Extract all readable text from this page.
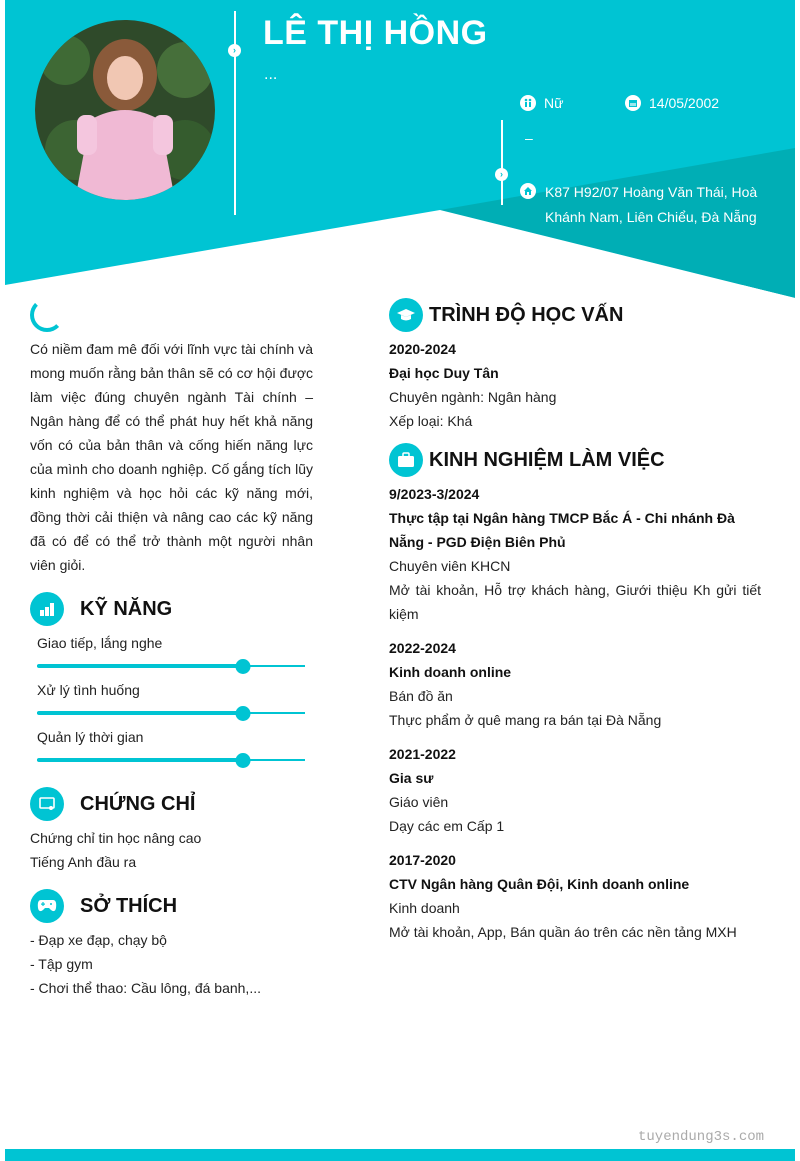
›
›
LÊ THỊ HỒNG
...
Nữ	14/05/2002
–
K87 H92/07 Hoàng Văn Thái, Hoà Khánh Nam, Liên Chiểu, Đà Nẵng
Có niềm đam mê đối với lĩnh vực tài chính và mong muốn rằng bản thân sẽ có cơ hội được làm việc đúng chuyên ngành Tài chính – Ngân hàng để có thể phát huy hết khả năng vốn có của bản thân và cống hiến năng lực của mình cho doanh nghiệp. Cố gắng tích lũy kinh nghiệm và học hỏi các kỹ năng mới, đồng thời cải thiện và nâng cao các kỹ năng đã có để có thể trở thành một người nhân viên giỏi.
KỸ NĂNG
Giao tiếp, lắng nghe
Xử lý tình huống
Quản lý thời gian
CHỨNG CHỈ
Chứng chỉ tin học nâng cao
Tiếng Anh đầu ra
SỞ THÍCH
- Đạp xe đạp, chạy bộ
- Tập gym
- Chơi thể thao: Cầu lông, đá banh,...
TRÌNH ĐỘ HỌC VẤN
2020-2024
Đại học Duy Tân
Chuyên ngành: Ngân hàng
Xếp loại: Khá
KINH NGHIỆM LÀM VIỆC
9/2023-3/2024
Thực tập tại Ngân hàng TMCP Bắc Á - Chi nhánh Đà Nẵng - PGD Điện Biên Phủ
Chuyên viên KHCN
Mở tài khoản, Hỗ trợ khách hàng, Giưới thiệu Kh gửi tiết kiệm
2022-2024
Kinh doanh online
Bán đồ ăn
Thực phẩm ở quê mang ra bán tại Đà Nẵng
2021-2022
Gia sư
Giáo viên
Dạy các em Cấp 1
2017-2020
CTV Ngân hàng Quân Đội, Kinh doanh online
Kinh doanh
Mở tài khoản, App, Bán quần áo trên các nền tảng MXH
tuyendung3s.com
